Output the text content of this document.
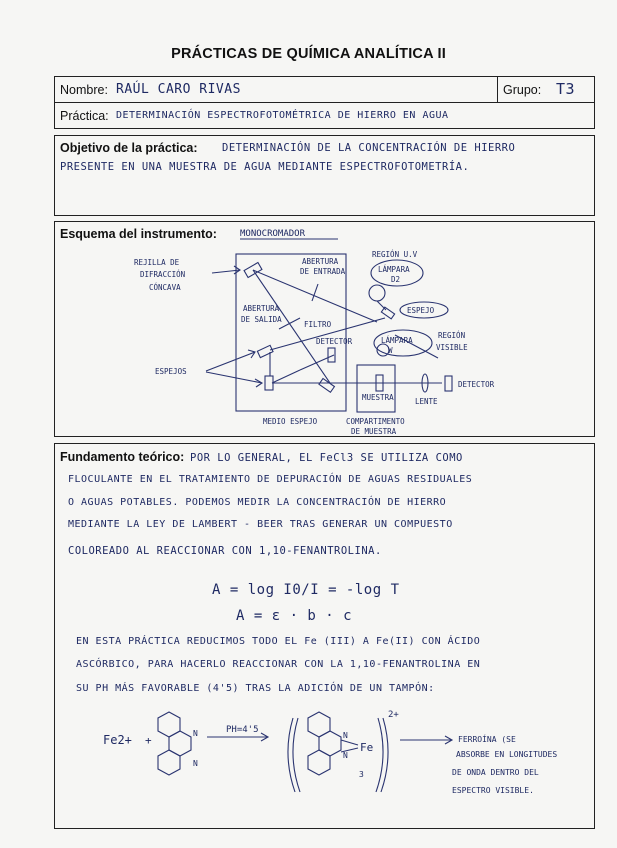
PRÁCTICAS DE QUÍMICA ANALÍTICA II
Nombre: RAÚL CARO RIVAS	Grupo: T3
Práctica: DETERMINACIÓN ESPECTROFOTOMÉTRICA DE HIERRO EN AGUA
Objetivo de la práctica: DETERMINACIÓN DE LA CONCENTRACIÓN DE HIERRO
PRESENTE EN UNA MUESTRA DE AGUA MEDIANTE ESPECTROFOTOMETRÍA.
Esquema del instrumento:	MONOCROMADOR
REJILLA DE
DIFRACCIÓN
CÓNCAVA
ABERTURA
DE ENTRADA
REGIÓN U.V
LÁMPARA
D2
ESPEJO
ABERTURA
DE SALIDA
FILTRO
DETECTOR	LÁMPARA
W
REGIÓN
VISIBLE
ESPEJOS
MUESTRA	LENTE
DETECTOR
MEDIO ESPEJO	COMPARTIMENTO
DE MUESTRA
Fundamento teórico: POR LO GENERAL, EL FeCl3 SE UTILIZA COMO
FLOCULANTE EN EL TRATAMIENTO DE DEPURACIÓN DE AGUAS RESIDUALES
O AGUAS POTABLES. PODEMOS MEDIR LA CONCENTRACIÓN DE HIERRO
MEDIANTE LA LEY DE LAMBERT - BEER TRAS GENERAR UN COMPUESTO
COLOREADO AL REACCIONAR CON 1,10-FENANTROLINA.
A = log I0/I = -log T
A = ε · b · c
EN ESTA PRÁCTICA REDUCIMOS TODO EL Fe (III) A Fe(II) CON ÁCIDO
ASCÓRBICO, PARA HACERLO REACCIONAR CON LA 1,10-FENANTROLINA EN
SU PH MÁS FAVORABLE (4'5) TRAS LA ADICIÓN DE UN TAMPÓN:
Fe2+ +
N
N
PH=4'5
N
N
Fe
3
2+
FERROÍNA (SE
ABSORBE EN LONGITUDES
DE ONDA DENTRO DEL
ESPECTRO VISIBLE.
